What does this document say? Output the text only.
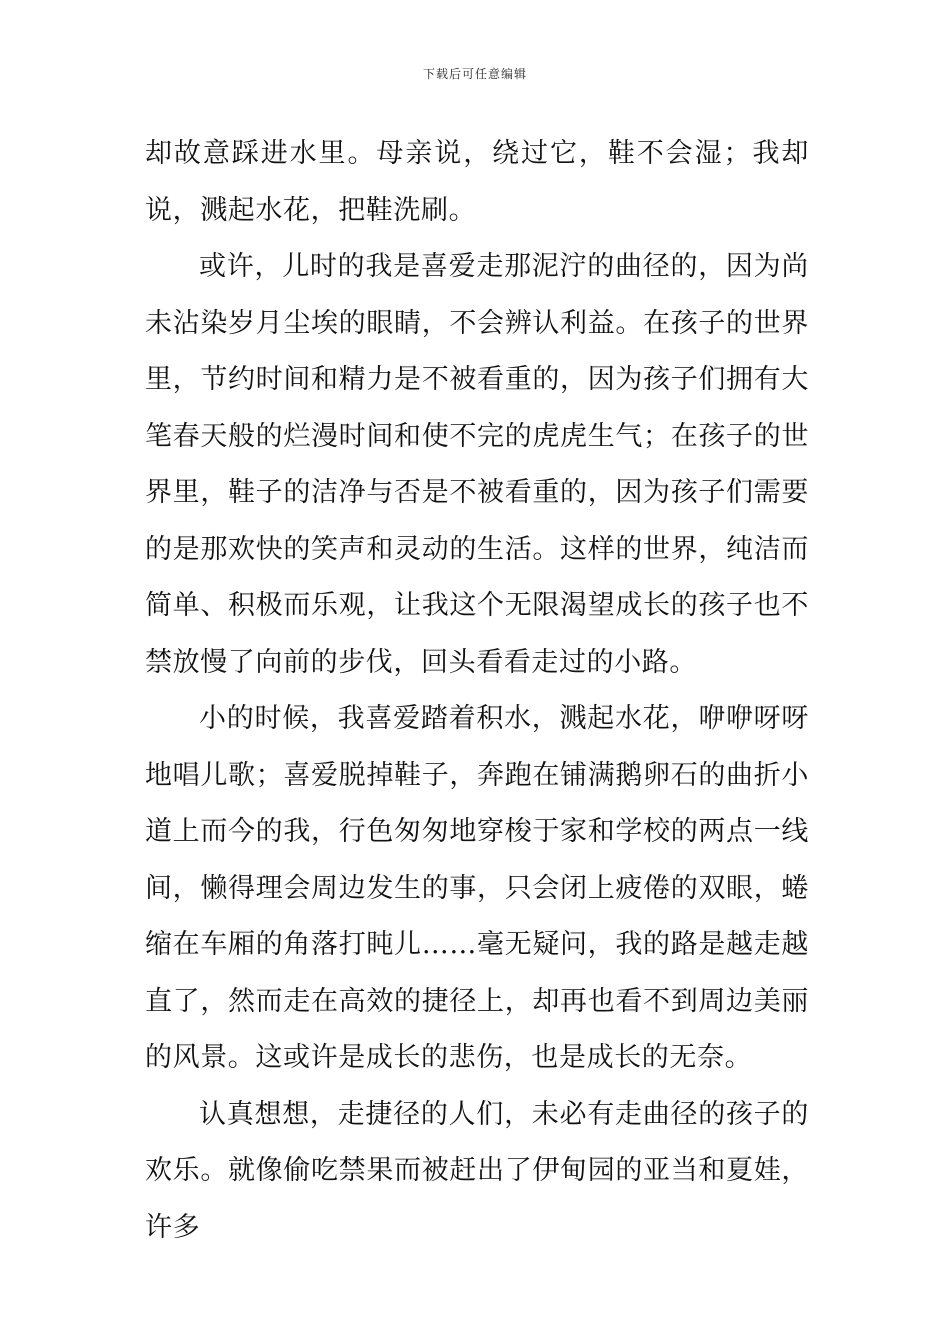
下载后可任意编辑

却故意踩进水里。母亲说，绕过它，鞋不会湿；我却说，溅起水花，把鞋洗刷。

或许，儿时的我是喜爱走那泥泞的曲径的，因为尚未沾染岁月尘埃的眼睛，不会辨认利益。在孩子的世界里，节约时间和精力是不被看重的，因为孩子们拥有大笔春天般的烂漫时间和使不完的虎虎生气；在孩子的世界里，鞋子的洁净与否是不被看重的，因为孩子们需要的是那欢快的笑声和灵动的生活。这样的世界，纯洁而简单、积极而乐观，让我这个无限渴望成长的孩子也不禁放慢了向前的步伐，回头看看走过的小路。

小的时候，我喜爱踏着积水，溅起水花，咿咿呀呀地唱儿歌；喜爱脱掉鞋子，奔跑在铺满鹅卵石的曲折小道上而今的我，行色匆匆地穿梭于家和学校的两点一线间，懒得理会周边发生的事，只会闭上疲倦的双眼，蜷缩在车厢的角落打盹儿……毫无疑问，我的路是越走越直了，然而走在高效的捷径上，却再也看不到周边美丽的风景。这或许是成长的悲伤，也是成长的无奈。

认真想想，走捷径的人们，未必有走曲径的孩子的欢乐。就像偷吃禁果而被赶出了伊甸园的亚当和夏娃，许多
